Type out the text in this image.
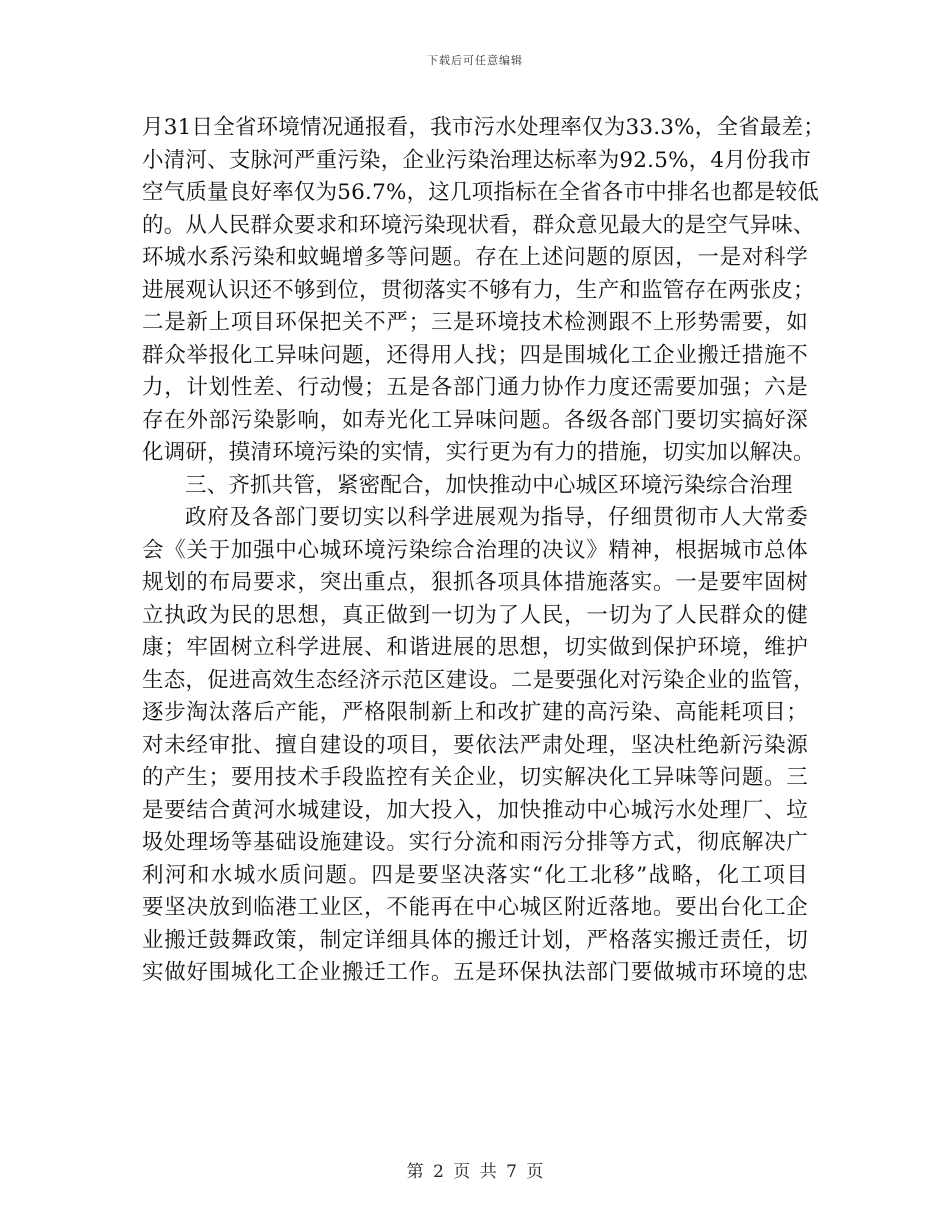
下载后可任意编辑
月31日全省环境情况通报看，我市污水处理率仅为33.3%，全省最差；
小清河、支脉河严重污染，企业污染治理达标率为92.5%，4月份我市
空气质量良好率仅为56.7%，这几项指标在全省各市中排名也都是较低
的。从人民群众要求和环境污染现状看，群众意见最大的是空气异味、
环城水系污染和蚊蝇增多等问题。存在上述问题的原因，一是对科学
进展观认识还不够到位，贯彻落实不够有力，生产和监管存在两张皮；
二是新上项目环保把关不严；三是环境技术检测跟不上形势需要，如
群众举报化工异味问题，还得用人找；四是围城化工企业搬迁措施不
力，计划性差、行动慢；五是各部门通力协作力度还需要加强；六是
存在外部污染影响，如寿光化工异味问题。各级各部门要切实搞好深
化调研，摸清环境污染的实情，实行更为有力的措施，切实加以解决。
三、齐抓共管，紧密配合，加快推动中心城区环境污染综合治理
政府及各部门要切实以科学进展观为指导，仔细贯彻市人大常委
会《关于加强中心城环境污染综合治理的决议》精神，根据城市总体
规划的布局要求，突出重点，狠抓各项具体措施落实。一是要牢固树
立执政为民的思想，真正做到一切为了人民，一切为了人民群众的健
康；牢固树立科学进展、和谐进展的思想，切实做到保护环境，维护
生态，促进高效生态经济示范区建设。二是要强化对污染企业的监管，
逐步淘汰落后产能，严格限制新上和改扩建的高污染、高能耗项目；
对未经审批、擅自建设的项目，要依法严肃处理，坚决杜绝新污染源
的产生；要用技术手段监控有关企业，切实解决化工异味等问题。三
是要结合黄河水城建设，加大投入，加快推动中心城污水处理厂、垃
圾处理场等基础设施建设。实行分流和雨污分排等方式，彻底解决广
利河和水城水质问题。四是要坚决落实“化工北移”战略，化工项目
要坚决放到临港工业区，不能再在中心城区附近落地。要出台化工企
业搬迁鼓舞政策，制定详细具体的搬迁计划，严格落实搬迁责任，切
实做好围城化工企业搬迁工作。五是环保执法部门要做城市环境的忠
第 2 页 共 7 页
